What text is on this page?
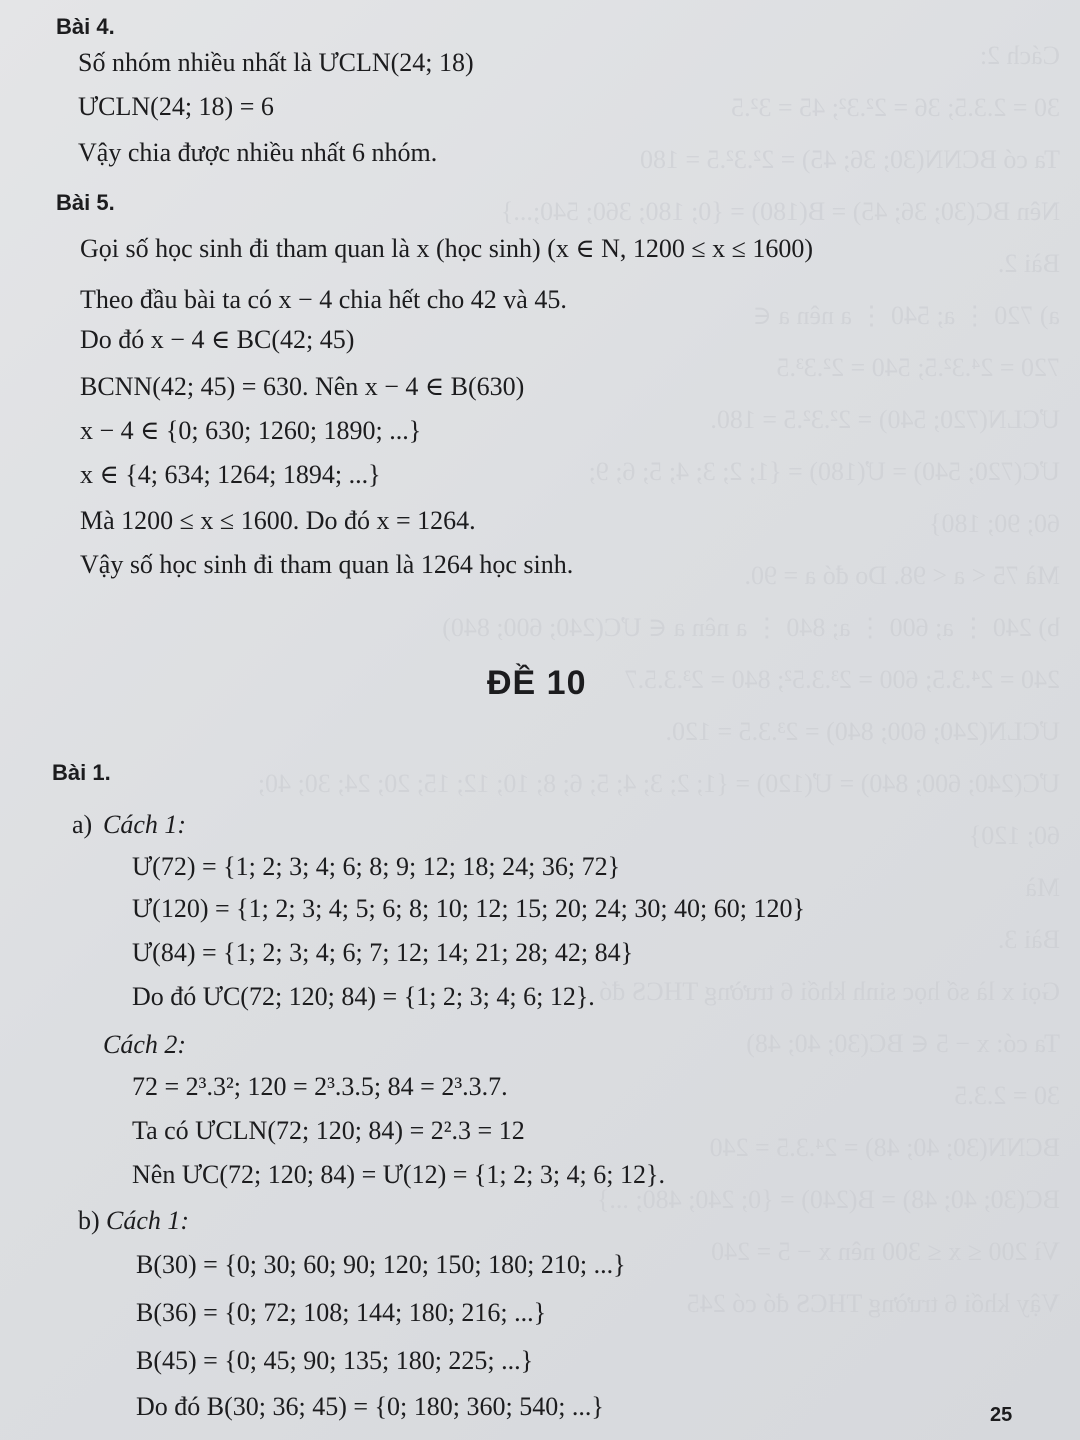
Cách 2:
30 = 2.3.5; 36 = 2².3²; 45 = 3².5
Ta có BCNN(30; 36; 45) = 2².3².5 = 180
Nên BC(30; 36; 45) = B(180) = {0; 180; 360; 540;...}
Bài 2.
a) 720 ⋮ a; 540 ⋮ a nên a ∈
720 = 2⁴.3².5; 540 = 2².3³.5
ƯCLN(720; 540) = 2².3².5 = 180.
ƯC(720; 540) = Ư(180) = {1; 2; 3; 4; 5; 6; 9;
60; 90; 180}
Mà 75 < a < 98. Do đó a = 90.
b) 240 ⋮ a; 600 ⋮ a; 840 ⋮ a nên a ∈ ƯC(240; 600; 840)
240 = 2⁴.3.5; 600 = 2³.3.5²; 840 = 2³.3.5.7
ƯCLN(240; 600; 840) = 2³.3.5 = 120.
ƯC(240; 600; 840) = Ư(120) = {1; 2; 3; 4; 5; 6; 8; 10; 12; 15; 20; 24; 30; 40;
60; 120}
Mà
Bài 3.
Gọi x là số học sinh khối 6 trường THCS đó
Ta có: x − 5 ∈ BC(30; 40; 48)
30 = 2.3.5
BCNN(30; 40; 48) = 2⁴.3.5 = 240
BC(30; 40; 48) = B(240) = {0; 240; 480; ...}
Vì 200 ≤ x ≤ 300 nên x − 5 = 240
Vậy khối 6 trường THCS đó có 245
Bài 4.
Số nhóm nhiều nhất là ƯCLN(24; 18)
ƯCLN(24; 18) = 6
Vậy chia được nhiều nhất 6 nhóm.
Bài 5.
Gọi số học sinh đi tham quan là x (học sinh) (x ∈ N, 1200 ≤ x ≤ 1600)
Theo đầu bài ta có x − 4 chia hết cho 42 và 45.
Do đó x − 4 ∈ BC(42; 45)
BCNN(42; 45) = 630. Nên x − 4 ∈ B(630)
x − 4 ∈ {0; 630; 1260; 1890; ...}
x ∈ {4; 634; 1264; 1894; ...}
Mà 1200 ≤ x ≤ 1600. Do đó x = 1264.
Vậy số học sinh đi tham quan là 1264 học sinh.
ĐỀ 10
Bài 1.
a) Cách 1:
Ư(72) = {1; 2; 3; 4; 6; 8; 9; 12; 18; 24; 36; 72}
Ư(120) = {1; 2; 3; 4; 5; 6; 8; 10; 12; 15; 20; 24; 30; 40; 60; 120}
Ư(84) = {1; 2; 3; 4; 6; 7; 12; 14; 21; 28; 42; 84}
Do đó ƯC(72; 120; 84) = {1; 2; 3; 4; 6; 12}.
Cách 2:
72 = 2³.3²; 120 = 2³.3.5; 84 = 2³.3.7.
Ta có ƯCLN(72; 120; 84) = 2².3 = 12
Nên ƯC(72; 120; 84) = Ư(12) = {1; 2; 3; 4; 6; 12}.
b) Cách 1:
B(30) = {0; 30; 60; 90; 120; 150; 180; 210; ...}
B(36) = {0; 72; 108; 144; 180; 216; ...}
B(45) = {0; 45; 90; 135; 180; 225; ...}
Do đó B(30; 36; 45) = {0; 180; 360; 540; ...}	25
